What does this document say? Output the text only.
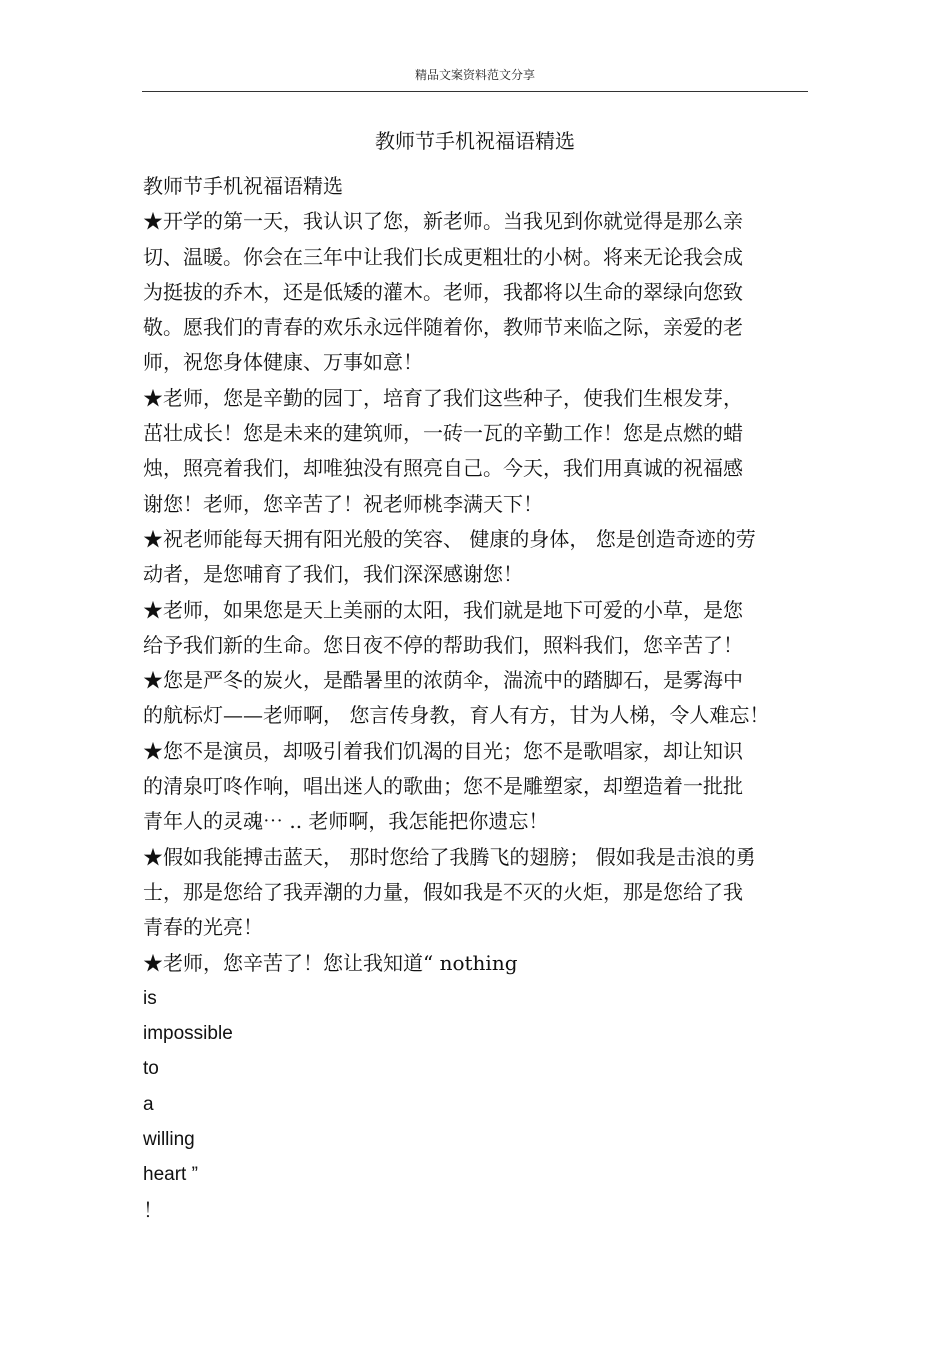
精品文案资料范文分享
教师节手机祝福语精选
教师节手机祝福语精选
★开学的第一天，我认识了您，新老师。当我见到你就觉得是那么亲
切、温暖。你会在三年中让我们长成更粗壮的小树。将来无论我会成
为挺拔的乔木，还是低矮的灌木。老师，我都将以生命的翠绿向您致
敬。愿我们的青春的欢乐永远伴随着你，教师节来临之际，亲爱的老
师，祝您身体健康、万事如意！
★老师，您是辛勤的园丁，培育了我们这些种子，使我们生根发芽，
茁壮成长！您是未来的建筑师，一砖一瓦的辛勤工作！您是点燃的蜡
烛，照亮着我们，却唯独没有照亮自己。今天，我们用真诚的祝福感
谢您！老师，您辛苦了！祝老师桃李满天下！
★祝老师能每天拥有阳光般的笑容、 健康的身体， 您是创造奇迹的劳
动者，是您哺育了我们，我们深深感谢您！
★老师，如果您是天上美丽的太阳，我们就是地下可爱的小草，是您
给予我们新的生命。您日夜不停的帮助我们，照料我们，您辛苦了！
★您是严冬的炭火，是酷暑里的浓荫伞，湍流中的踏脚石，是雾海中
的航标灯——老师啊， 您言传身教，育人有方，甘为人梯，令人难忘！
★您不是演员，却吸引着我们饥渴的目光；您不是歌唱家，却让知识
的清泉叮咚作响，唱出迷人的歌曲；您不是雕塑家，却塑造着一批批
青年人的灵魂⋯ .. 老师啊，我怎能把你遗忘！
★假如我能搏击蓝天， 那时您给了我腾飞的翅膀； 假如我是击浪的勇
士，那是您给了我弄潮的力量，假如我是不灭的火炬，那是您给了我
青春的光亮！
★老师，您辛苦了！您让我知道“ nothing
is
impossible
to
a
willing
heart ”
！
